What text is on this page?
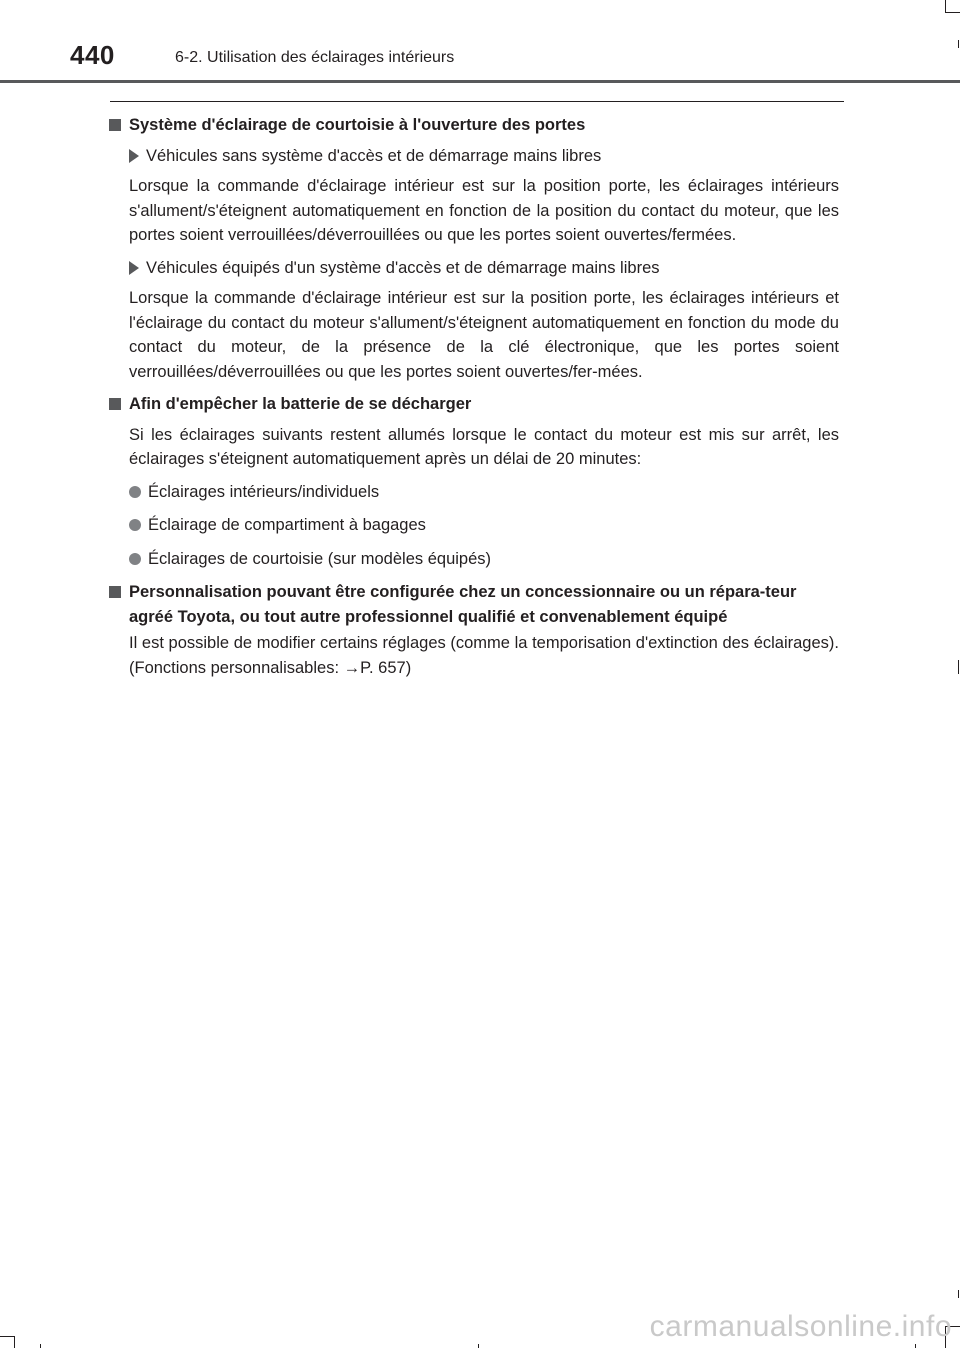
440	6-2. Utilisation des éclairages intérieurs
Système d'éclairage de courtoisie à l'ouverture des portes
Véhicules sans système d'accès et de démarrage mains libres
Lorsque la commande d'éclairage intérieur est sur la position porte, les éclairages intérieurs s'allument/s'éteignent automatiquement en fonction de la position du contact du moteur, que les portes soient verrouillées/déverrouillées ou que les portes soient ouvertes/fermées.
Véhicules équipés d'un système d'accès et de démarrage mains libres
Lorsque la commande d'éclairage intérieur est sur la position porte, les éclairages intérieurs et l'éclairage du contact du moteur s'allument/s'éteignent automatiquement en fonction du mode du contact du moteur, de la présence de la clé électronique, que les portes soient verrouillées/déverrouillées ou que les portes soient ouvertes/fer-mées.
Afin d'empêcher la batterie de se décharger
Si les éclairages suivants restent allumés lorsque le contact du moteur est mis sur arrêt, les éclairages s'éteignent automatiquement après un délai de 20 minutes:
Éclairages intérieurs/individuels
Éclairage de compartiment à bagages
Éclairages de courtoisie (sur modèles équipés)
Personnalisation pouvant être configurée chez un concessionnaire ou un répara-teur agréé Toyota, ou tout autre professionnel qualifié et convenablement équipé
Il est possible de modifier certains réglages (comme la temporisation d'extinction des éclairages). (Fonctions personnalisables: →P. 657)
carmanualsonline.info
